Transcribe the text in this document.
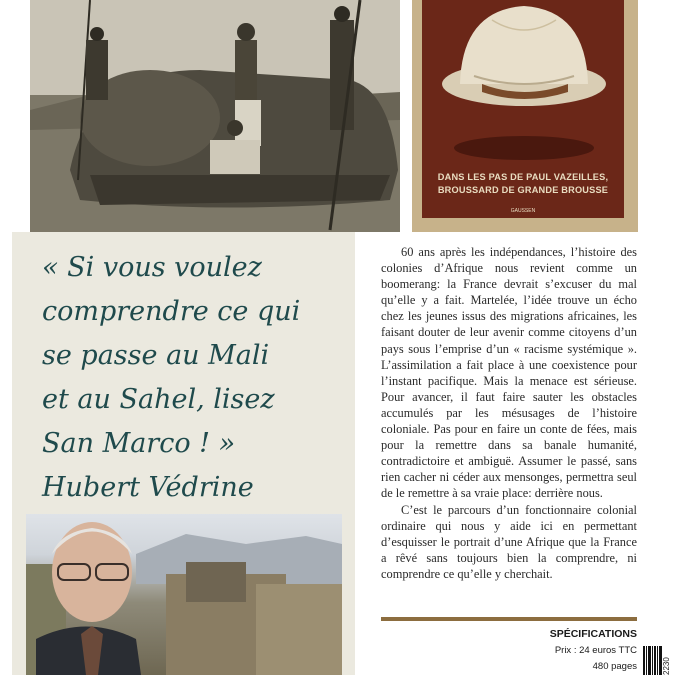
DANS LES PAS DE PAUL VAZEILLES,
BROUSSARD DE GRANDE BROUSSE
GAUSSEN
« Si vous voulez
comprendre ce qui
se passe au Mali
et au Sahel, lisez
San Marco ! »
Hubert Védrine

60 ans après les indépendances, l’histoire des colonies d’Afrique nous revient comme un boomerang: la France devrait s’excuser du mal qu’elle y a fait. Martelée, l’idée trouve un écho chez les jeunes issus des migrations africaines, les faisant douter de leur avenir comme citoyens d’un pays sous l’emprise d’un « racisme systémique ». L’assimilation a fait place à une coexistence pour l’instant pacifique. Mais la menace est sérieuse. Pour avancer, il faut faire sauter les obstacles accumulés par les mésusages de l’histoire coloniale. Pas pour en faire un conte de fées, mais pour la remettre dans sa banale humanité, contradictoire et ambiguë. Assumer le passé, sans rien cacher ni céder aux mensonges, permettra seul de le remettre à sa vraie place: derrière nous.

C’est le parcours d’un fonctionnaire colonial ordinaire qui nous y aide ici en permettant d’esquisser le portrait d’une Afrique que la France a rêvé sans toujours bien la comprendre, ni comprendre ce qu’elle y cherchait.

SPÉCIFICATIONS
Prix : 24 euros TTC
480 pages	2230
